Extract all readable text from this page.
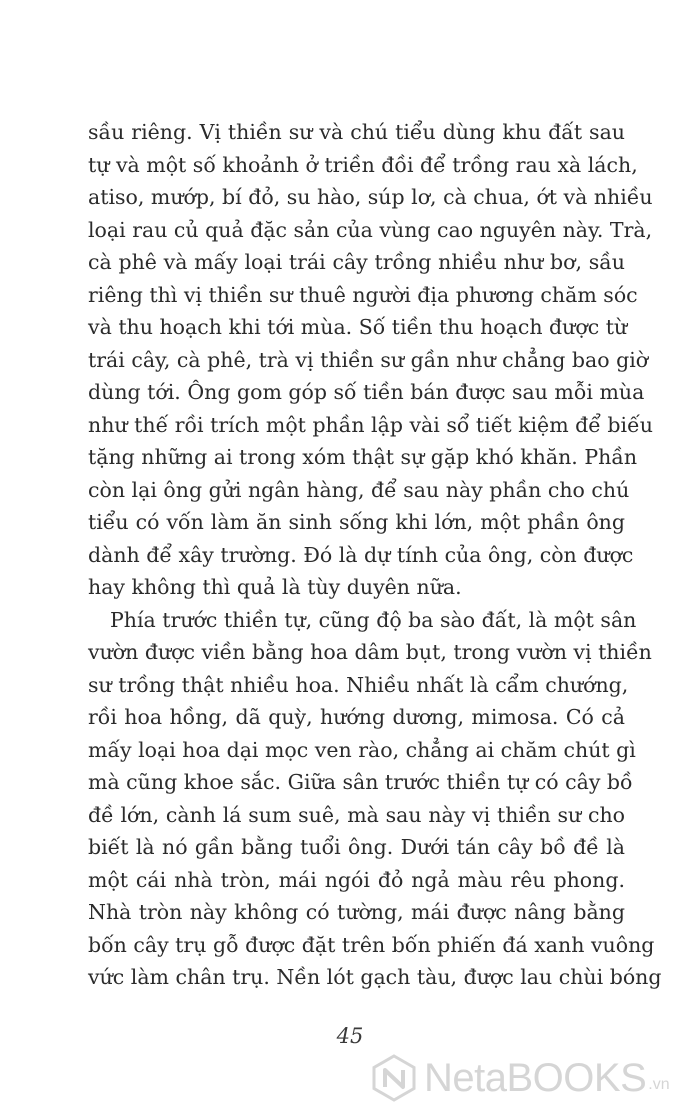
sầu riêng. Vị thiền sư và chú tiểu dùng khu đất sau
tự và một số khoảnh ở triền đồi để trồng rau xà lách,
atiso, mướp, bí đỏ, su hào, súp lơ, cà chua, ớt và nhiều
loại rau củ quả đặc sản của vùng cao nguyên này. Trà,
cà phê và mấy loại trái cây trồng nhiều như bơ, sầu
riêng thì vị thiền sư thuê người địa phương chăm sóc
và thu hoạch khi tới mùa. Số tiền thu hoạch được từ
trái cây, cà phê, trà vị thiền sư gần như chẳng bao giờ
dùng tới. Ông gom góp số tiền bán được sau mỗi mùa
như thế rồi trích một phần lập vài sổ tiết kiệm để biếu
tặng những ai trong xóm thật sự gặp khó khăn. Phần
còn lại ông gửi ngân hàng, để sau này phần cho chú
tiểu có vốn làm ăn sinh sống khi lớn, một phần ông
dành để xây trường. Đó là dự tính của ông, còn được
hay không thì quả là tùy duyên nữa.
Phía trước thiền tự, cũng độ ba sào đất, là một sân
vườn được viền bằng hoa dâm bụt, trong vườn vị thiền
sư trồng thật nhiều hoa. Nhiều nhất là cẩm chướng,
rồi hoa hồng, dã quỳ, hướng dương, mimosa. Có cả
mấy loại hoa dại mọc ven rào, chẳng ai chăm chút gì
mà cũng khoe sắc. Giữa sân trước thiền tự có cây bồ
đề lớn, cành lá sum suê, mà sau này vị thiền sư cho
biết là nó gần bằng tuổi ông. Dưới tán cây bồ đề là
một cái nhà tròn, mái ngói đỏ ngả màu rêu phong.
Nhà tròn này không có tường, mái được nâng bằng
bốn cây trụ gỗ được đặt trên bốn phiến đá xanh vuông
vức làm chân trụ. Nền lót gạch tàu, được lau chùi bóng
45
NetaBOOKS .vn
